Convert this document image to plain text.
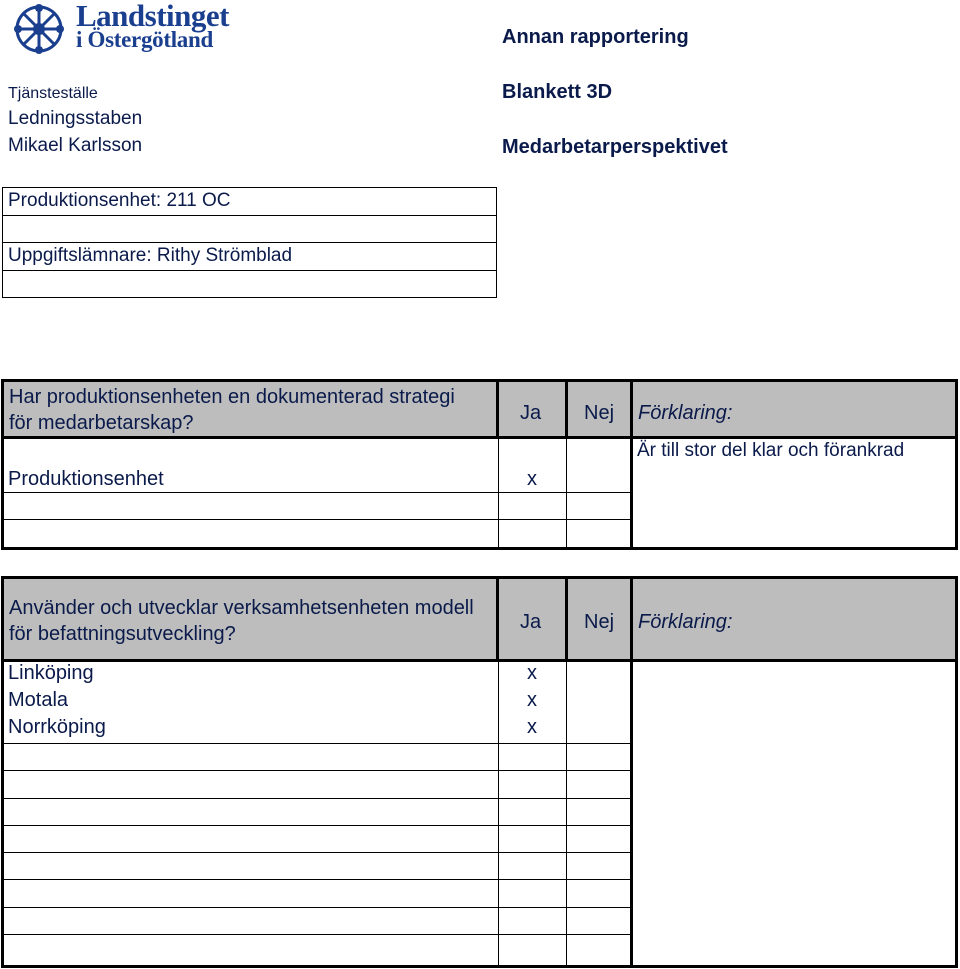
Landstinget
i Östergötland
Tjänsteställe
Ledningsstaben
Mikael Karlsson
Annan rapportering
Blankett 3D
Medarbetarperspektivet
Produktionsenhet: 211 OC
Uppgiftslämnare: Rithy Strömblad
Har produktionsenheten en dokumenterad strategi för medarbetarskap?	Ja Nej Förklaring:
Produktionsenhet	x
Är till stor del klar och förankrad
Använder och utvecklar verksamhetsenheten modell för befattningsutveckling?
Ja Nej Förklaring:
Linköping	x
Motala	x
Norrköping	x
